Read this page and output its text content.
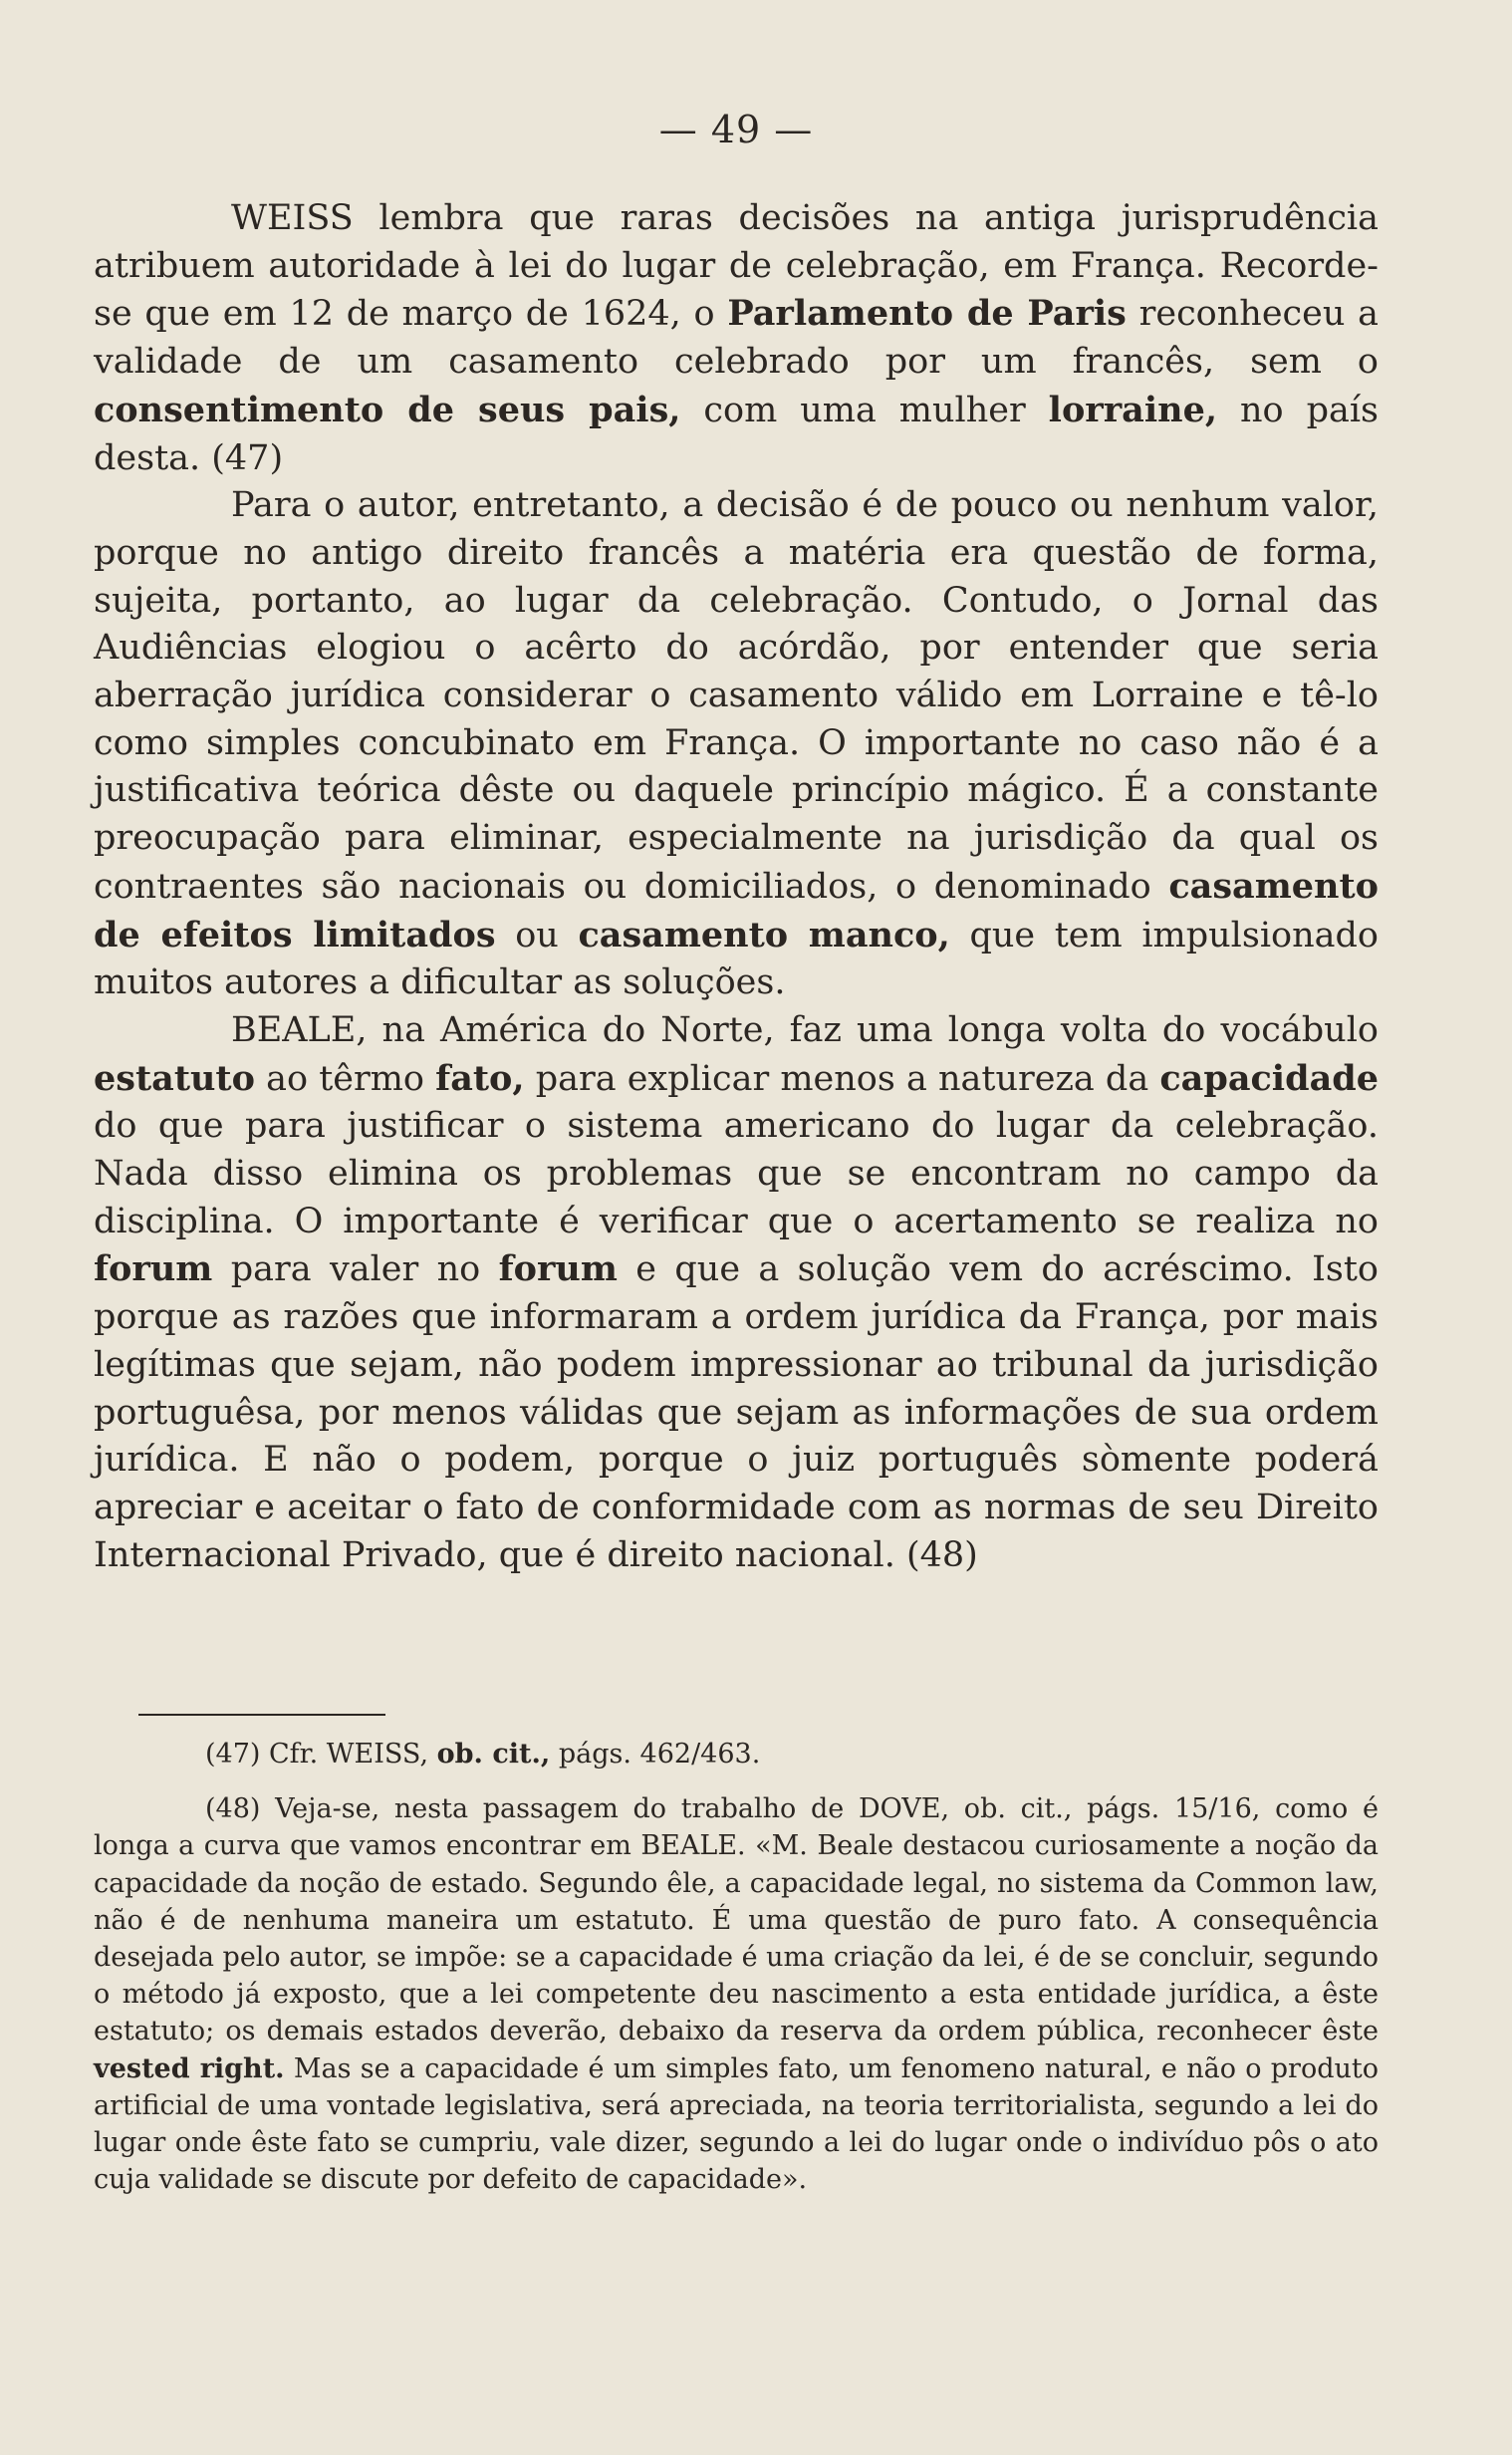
— 49 —

WEISS lembra que raras decisões na antiga jurisprudência atribuem autoridade à lei do lugar de celebração, em França. Recorde-se que em 12 de março de 1624, o Parlamento de Paris reconheceu a validade de um casamento celebrado por um francês, sem o consentimento de seus pais, com uma mulher lorraine, no país desta. (47)

Para o autor, entretanto, a decisão é de pouco ou nenhum valor, porque no antigo direito francês a matéria era questão de forma, sujeita, portanto, ao lugar da celebração. Contudo, o Jornal das Audiências elogiou o acêrto do acórdão, por entender que seria aberração jurídica considerar o casamento válido em Lorraine e tê-lo como simples concubinato em França. O importante no caso não é a justificativa teórica dêste ou daquele princípio mágico. É a constante preocupação para eliminar, especialmente na jurisdição da qual os contraentes são nacionais ou domiciliados, o denominado casamento de efeitos limitados ou casamento manco, que tem impulsionado muitos autores a dificultar as soluções.

BEALE, na América do Norte, faz uma longa volta do vocábulo estatuto ao têrmo fato, para explicar menos a natureza da capacidade do que para justificar o sistema americano do lugar da celebração. Nada disso elimina os problemas que se encontram no campo da disciplina. O importante é verificar que o acertamento se realiza no forum para valer no forum e que a solução vem do acréscimo. Isto porque as razões que informaram a ordem jurídica da França, por mais legítimas que sejam, não podem impressionar ao tribunal da jurisdição portuguêsa, por menos válidas que sejam as informações de sua ordem jurídica. E não o podem, porque o juiz português sòmente poderá apreciar e aceitar o fato de conformidade com as normas de seu Direito Internacional Privado, que é direito nacional. (48)

(47) Cfr. WEISS, ob. cit., págs. 462/463.

(48) Veja-se, nesta passagem do trabalho de DOVE, ob. cit., págs. 15/16, como é longa a curva que vamos encontrar em BEALE. «M. Beale destacou curiosamente a noção da capacidade da noção de estado. Segundo êle, a capacidade legal, no sistema da Common law, não é de nenhuma maneira um estatuto. É uma questão de puro fato. A consequência desejada pelo autor, se impõe: se a capacidade é uma criação da lei, é de se concluir, segundo o método já exposto, que a lei competente deu nascimento a esta entidade jurídica, a êste estatuto; os demais estados deverão, debaixo da reserva da ordem pública, reconhecer êste vested right. Mas se a capacidade é um simples fato, um fenomeno natural, e não o produto artificial de uma vontade legislativa, será apreciada, na teoria territorialista, segundo a lei do lugar onde êste fato se cumpriu, vale dizer, segundo a lei do lugar onde o indivíduo pôs o ato cuja validade se discute por defeito de capacidade».
